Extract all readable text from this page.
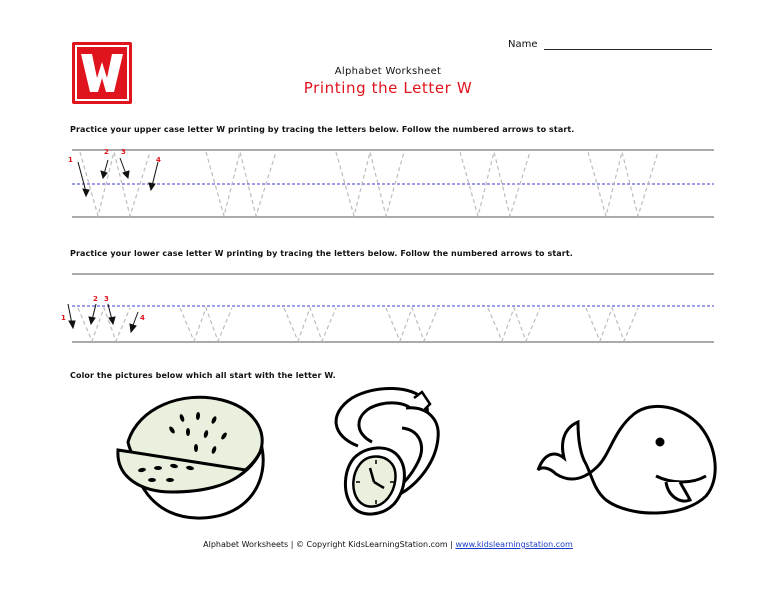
Name
Alphabet Worksheet
Printing the Letter W
Practice your upper case letter W printing by tracing the letters below. Follow the numbered arrows to start.
1
2 3
4
Practice your lower case letter W printing by tracing the letters below. Follow the numbered arrows to start.
1
2 3
4
Color the pictures below which all start with the letter W.
Alphabet Worksheets | © Copyright KidsLearningStation.com | www.kidslearningstation.com
